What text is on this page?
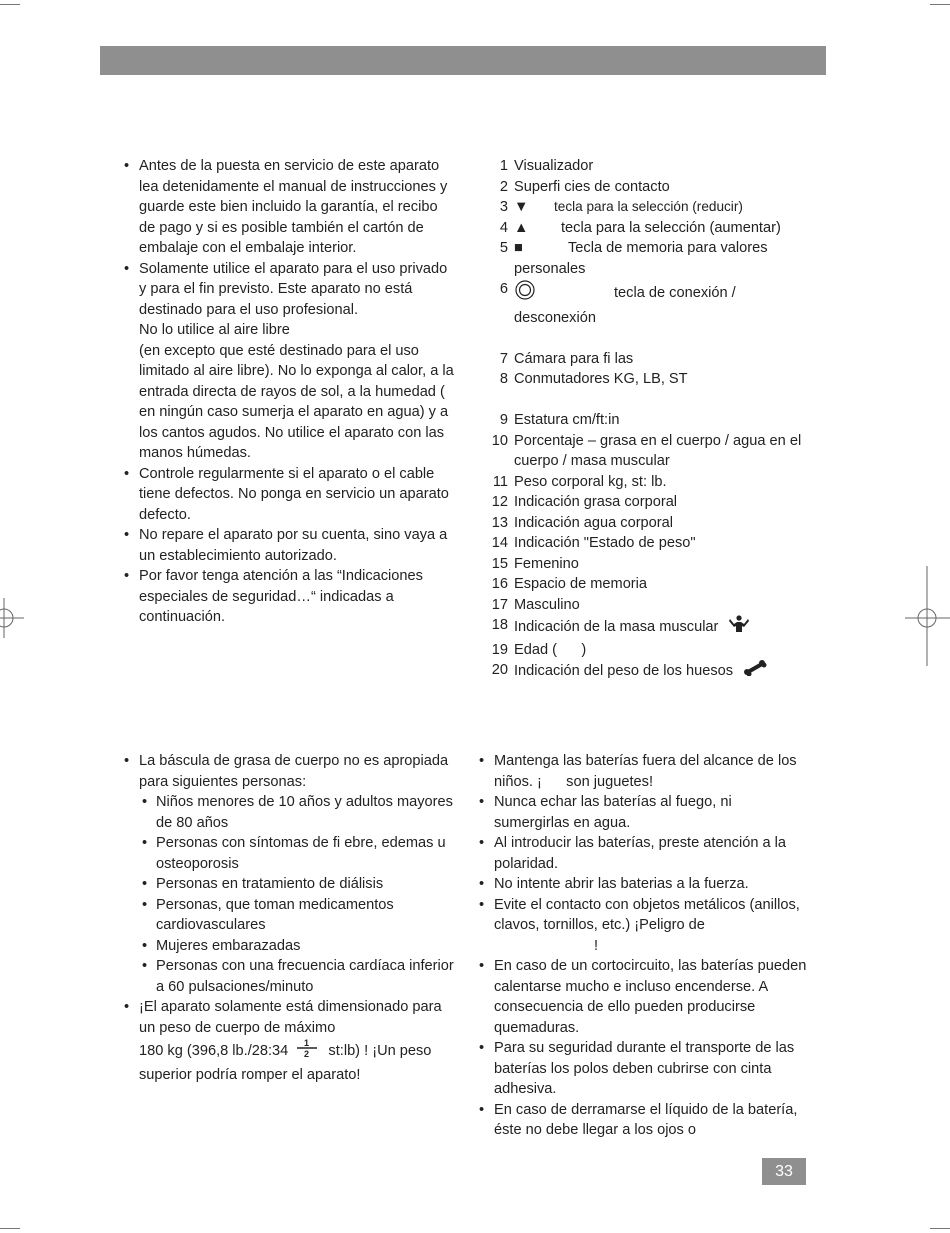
• Antes de la puesta en servicio de este aparato lea detenidamente el manual de instrucciones y guarde este bien incluido la garantía, el recibo de pago y si es posible también el cartón de embalaje con el embalaje interior.
• Solamente utilice el aparato para el uso privado y para el fin previsto. Este aparato no está destinado para el uso profesional.
No lo utilice al aire libre
(en excepto que esté destinado para el uso limitado al aire libre). No lo exponga al calor, a la entrada directa de rayos de sol, a la humedad ( en ningún caso sumerja el aparato en agua) y a los cantos agudos. No utilice el aparato con las manos húmedas.
• Controle regularmente si el aparato o el cable tiene defectos. No ponga en servicio un aparato defecto.
• No repare el aparato por su cuenta, sino vaya a un establecimiento autorizado.
• Por favor tenga atención a las “Indicaciones especiales de seguridad…“ indicadas a continuación.
1 Visualizador
2 Superfi cies de contacto
3 ▼ tecla para la selección (reducir)
4 ▲ tecla para la selección (aumentar)
5 ■	Tecla de memoria para valores personales
6	tecla de conexión / desconexión
7 Cámara para fi las
8 Conmutadores KG, LB, ST
9 Estatura cm/ft:in
10 Porcentaje – grasa en el cuerpo / agua en el cuerpo / masa muscular
11 Peso corporal kg, st: lb.
12 Indicación grasa corporal
13 Indicación agua corporal
14 Indicación "Estado de peso"
15 Femenino
16 Espacio de memoria
17 Masculino
18 Indicación de la masa muscular
19 Edad (      )
20 Indicación del peso de los huesos
• La báscula de grasa de cuerpo no es apropiada para siguientes personas:
• Niños menores de 10 años y adultos mayores de 80 años
• Personas con síntomas de fi ebre, edemas u osteoporosis
• Personas en tratamiento de diálisis
• Personas, que toman medicamentos cardiovasculares
• Mujeres embarazadas
• Personas con una frecuencia cardíaca inferior a 60 pulsaciones/minuto
• ¡El aparato solamente está dimensionado para un peso de cuerpo de máximo
180 kg (396,8 lb./28:34
1
2 st:lb) ! ¡Un peso superior podría romper el aparato!
• Mantenga las baterías fuera del alcance de los niños. ¡      son juguetes!
• Nunca echar las baterías al fuego, ni sumergirlas en agua.
• Al introducir las baterías, preste atención a la polaridad.
• No intente abrir las baterias a la fuerza.
• Evite el contacto con objetos metálicos (anillos, clavos, tornillos, etc.) ¡Peligro de
!
• En caso de un cortocircuito, las baterías pueden calentarse mucho e incluso encenderse. A consecuencia de ello pueden producirse quemaduras.
• Para su seguridad durante el transporte de las baterías los polos deben cubrirse con cinta adhesiva.
• En caso de derramarse el líquido de la batería, éste no debe llegar a los ojos o
33
